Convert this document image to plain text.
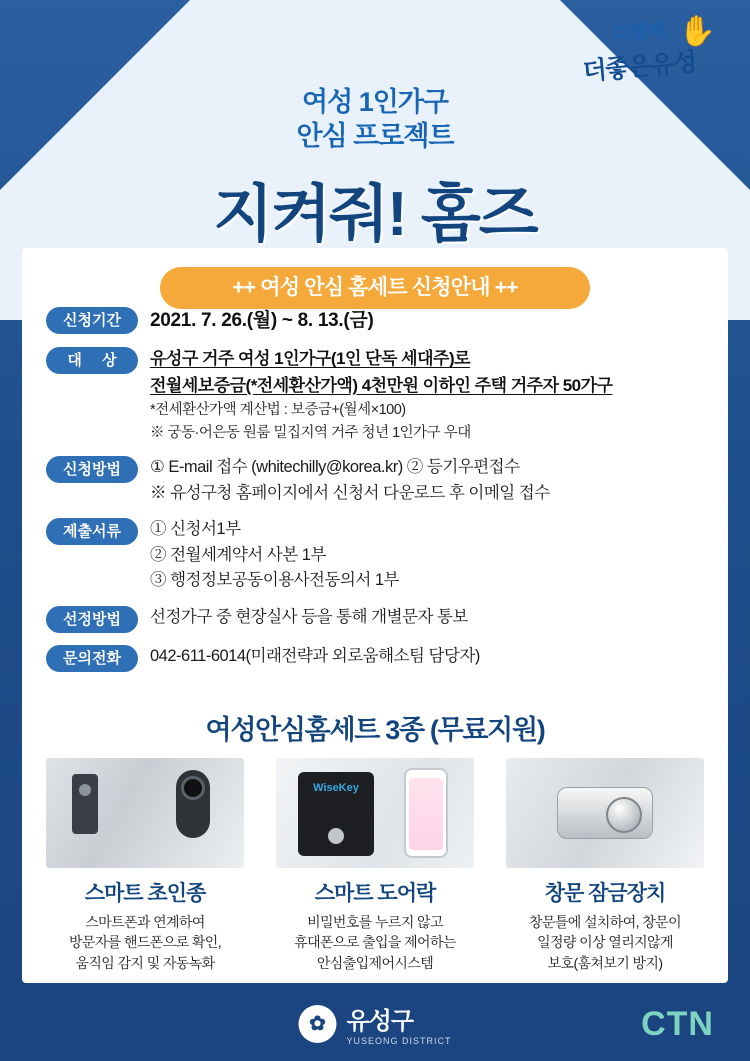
✋
다함께
더좋은유성
여성 1인가구
안심 프로젝트
지켜줘! 홈즈
++ 여성 안심 홈세트 신청안내 ++
신청기간	2021. 7. 26.(월) ~ 8. 13.(금)
대 상	유성구 거주 여성 1인가구(1인 단독 세대주)로
전월세보증금(*전세환산가액) 4천만원 이하인 주택 거주자 50가구
*전세환산가액 계산법 : 보증금+(월세×100)
※ 궁동·어은동 원룸 밀집지역 거주 청년 1인가구 우대
신청방법	① E-mail 접수 (whitechilly@korea.kr) ② 등기우편접수
※ 유성구청 홈페이지에서 신청서 다운로드 후 이메일 접수
제출서류	① 신청서1부
② 전월세계약서 사본 1부
③ 행정정보공동이용사전동의서 1부
선정방법	선정가구 중 현장실사 등을 통해 개별문자 통보
문의전화	042-611-6014(미래전략과 외로움해소팀 담당자)
여성안심홈세트 3종 (무료지원)
스마트 초인종
스마트폰과 연계하여
방문자를 핸드폰으로 확인,
움직임 감지 및 자동녹화
WiseKey
스마트 도어락
비밀번호를 누르지 않고
휴대폰으로 출입을 제어하는
안심출입제어시스템
창문 잠금장치
창문틀에 설치하여, 창문이
일정량 이상 열리지않게
보호(훔쳐보기 방지)
✿ 유성구
YUSEONG DISTRICT	CTN
